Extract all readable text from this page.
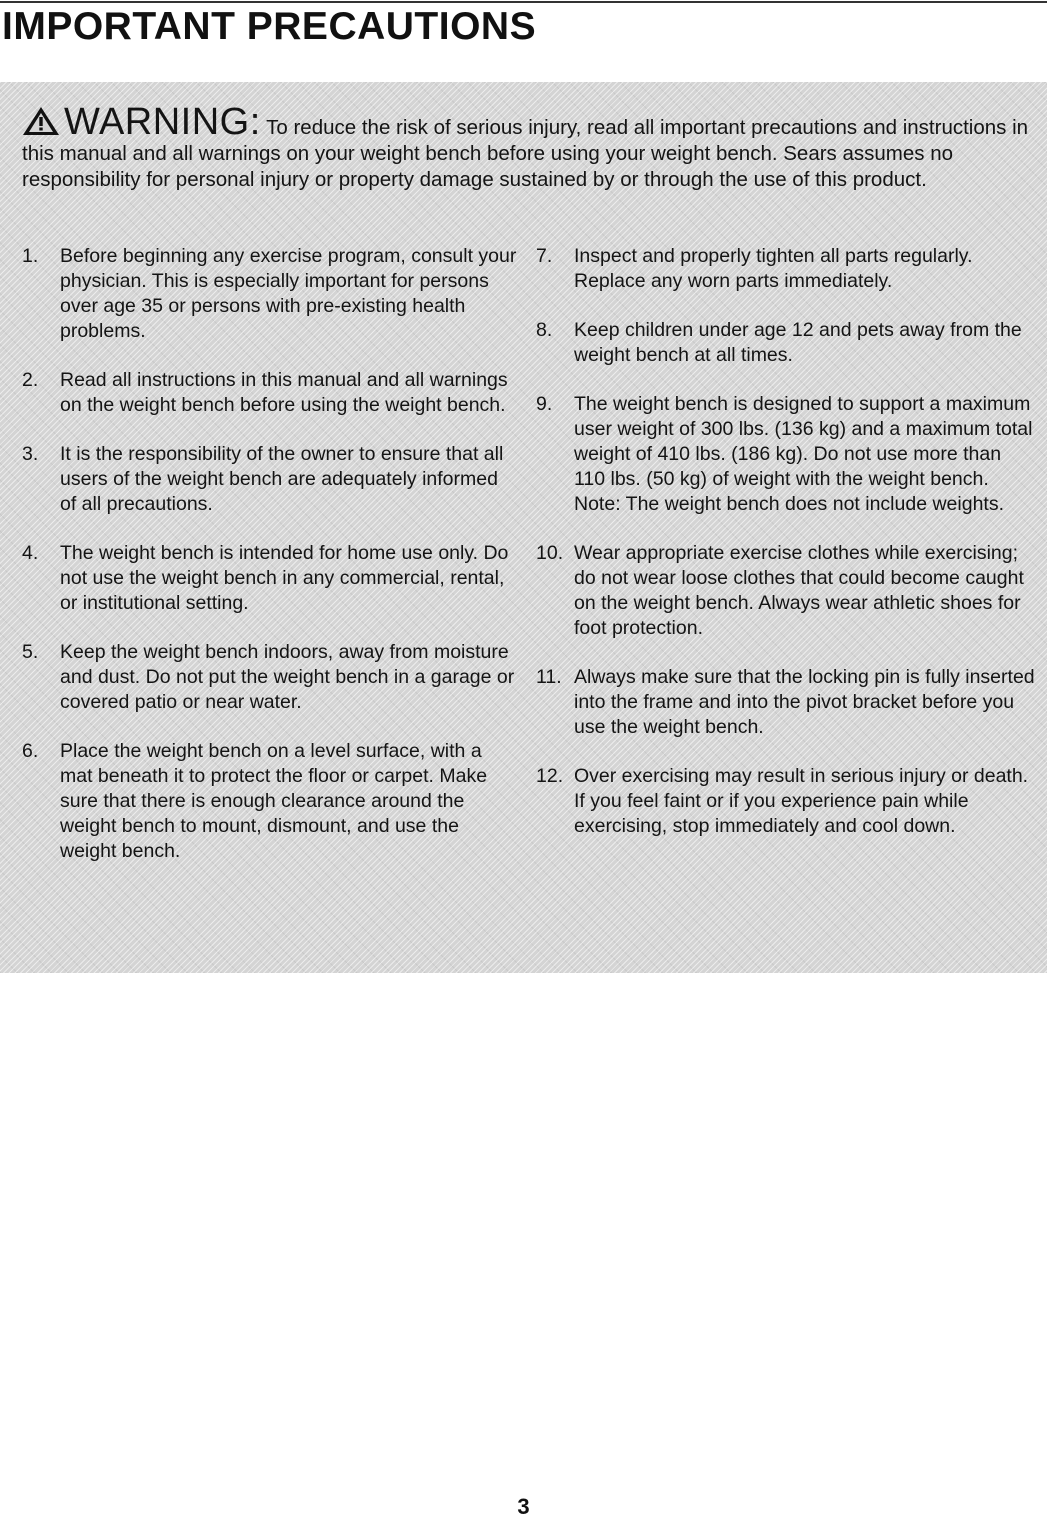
IMPORTANT PRECAUTIONS

WARNING: To reduce the risk of serious injury, read all important precautions and instructions in this manual and all warnings on your weight bench before using your weight bench. Sears assumes no responsibility for personal injury or property damage sustained by or through the use of this product.

1. Before beginning any exercise program, consult your physician. This is especially important for persons over age 35 or persons with pre-existing health problems.
2. Read all instructions in this manual and all warnings on the weight bench before using the weight bench.
3. It is the responsibility of the owner to ensure that all users of the weight bench are adequately informed of all precautions.
4. The weight bench is intended for home use only. Do not use the weight bench in any commercial, rental, or institutional setting.
5. Keep the weight bench indoors, away from moisture and dust. Do not put the weight bench in a garage or covered patio or near water.
6. Place the weight bench on a level surface, with a mat beneath it to protect the floor or carpet. Make sure that there is enough clearance around the weight bench to mount, dismount, and use the weight bench.
7. Inspect and properly tighten all parts regularly. Replace any worn parts immediately.
8. Keep children under age 12 and pets away from the weight bench at all times.
9. The weight bench is designed to support a maximum user weight of 300 lbs. (136 kg) and a maximum total weight of 410 lbs. (186 kg). Do not use more than 110 lbs. (50 kg) of weight with the weight bench. Note: The weight bench does not include weights.
10. Wear appropriate exercise clothes while exercising; do not wear loose clothes that could become caught on the weight bench. Always wear athletic shoes for foot protection.
11. Always make sure that the locking pin is fully inserted into the frame and into the pivot bracket before you use the weight bench.
12. Over exercising may result in serious injury or death. If you feel faint or if you experience pain while exercising, stop immediately and cool down.

3
